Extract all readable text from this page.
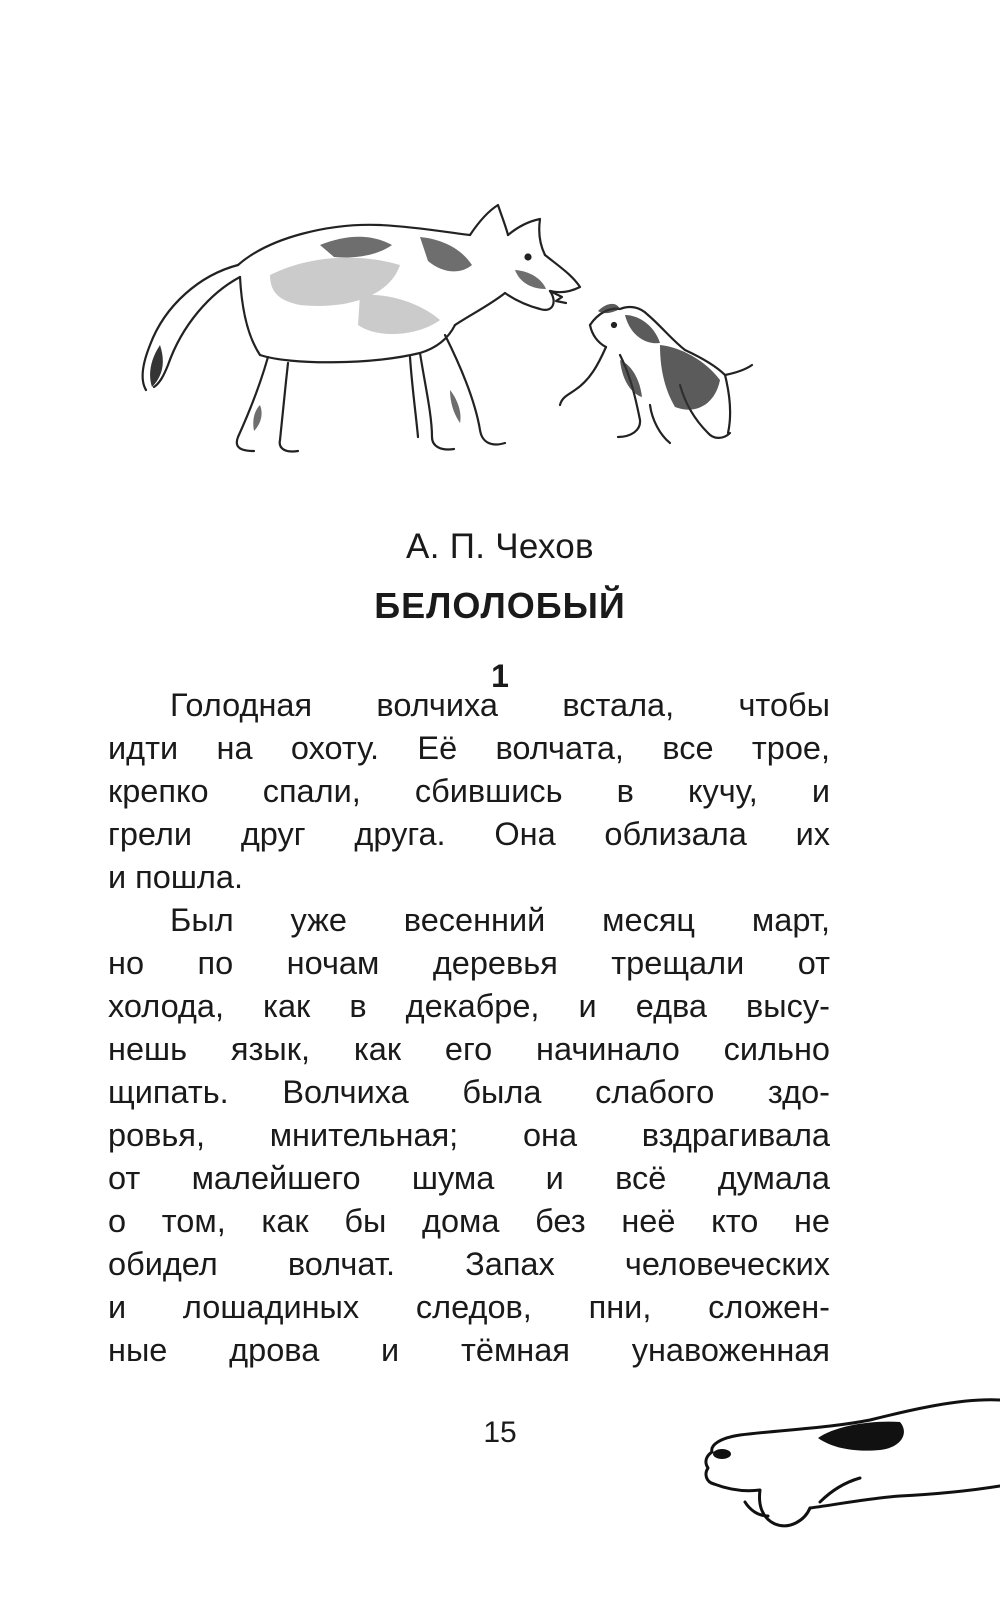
А. П. Чехов
БЕЛОЛОБЫЙ
1
Голодная волчиха встала, чтобы
идти на охоту. Её волчата, все трое,
крепко спали, сбившись в кучу, и
грели друг друга. Она облизала их
и пошла.
Был уже весенний месяц март,
но по ночам деревья трещали от
холода, как в декабре, и едва высу-
нешь язык, как его начинало сильно
щипать. Волчиха была слабого здо-
ровья, мнительная; она вздрагивала
от малейшего шума и всё думала
о том, как бы дома без неё кто не
обидел волчат. Запах человеческих
и лошадиных следов, пни, сложен-
ные дрова и тёмная унавоженная
15
